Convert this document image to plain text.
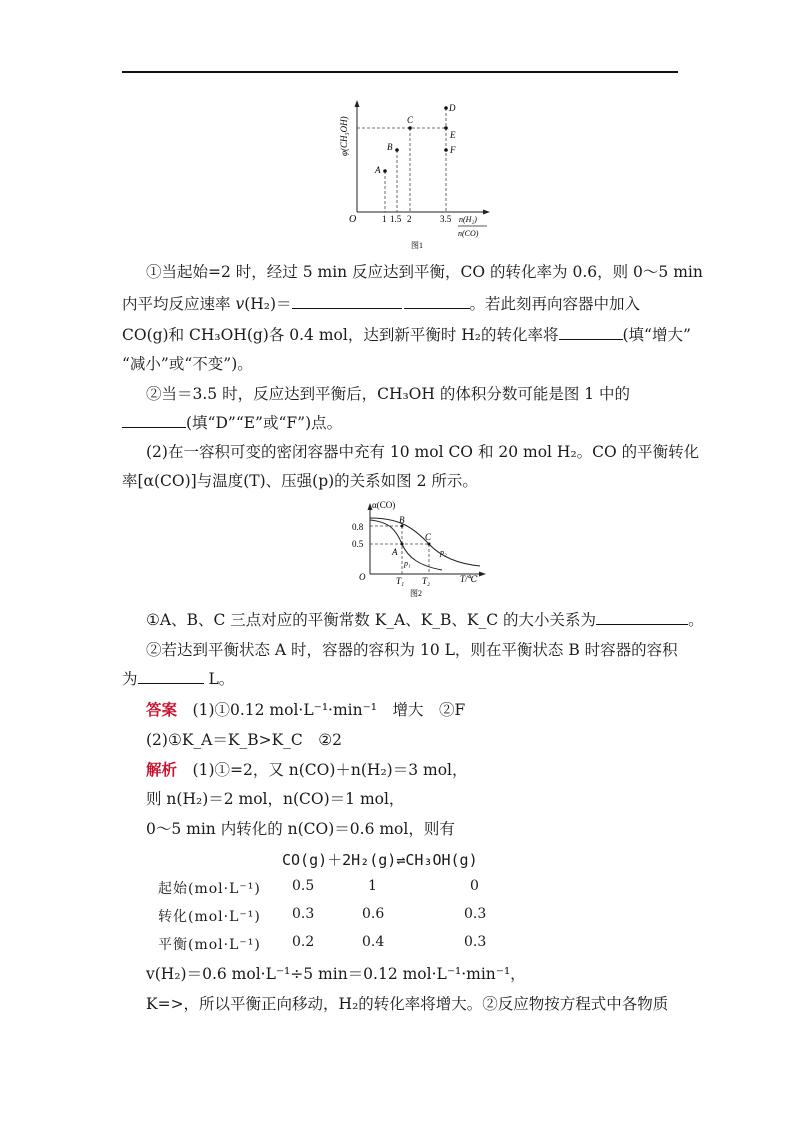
φ(CH₃OH)
O	1 1.5 2	3.5
A
B
C
D
E
F
n(H₂)
n(CO)
图1
①当起始=2 时，经过 5 min 反应达到平衡，CO 的转化率为 0.6，则 0～5 min
内平均反应速率 v(H₂)＝	。若此刻再向容器中加入
CO(g)和 CH₃OH(g)各 0.4 mol，达到新平衡时 H₂的转化率将	(填“增大”
“减小”或“不变”)。
②当＝3.5 时，反应达到平衡后，CH₃OH 的体积分数可能是图 1 中的
(填“D”“E”或“F”)点。
(2)在一容积可变的密闭容器中充有 10 mol CO 和 20 mol H₂。CO 的平衡转化
率[α(CO)]与温度(T)、压强(p)的关系如图 2 所示。
α(CO)
0.8
0.5
O
A
B
C
p₁
p₂
T₁ T₂	T/℃
图2
①A、B、C 三点对应的平衡常数 K_A、K_B、K_C 的大小关系为	。
②若达到平衡状态 A 时，容器的容积为 10 L，则在平衡状态 B 时容器的容积
为	L。
答案　 (1)①0.12 mol·L⁻¹·min⁻¹　增大　②F
(2)①K_A＝K_B>K_C　②2
解析　 (1)①=2，又 n(CO)＋n(H₂)＝3 mol，
则 n(H₂)＝2 mol，n(CO)＝1 mol，
0～5 min 内转化的 n(CO)＝0.6 mol，则有
CO(g)＋2H₂(g)⇌CH₃OH(g)
起始(mol·L⁻¹) 0.5	1	0
转化(mol·L⁻¹) 0.3	0.6	0.3
平衡(mol·L⁻¹) 0.2	0.4	0.3
v(H₂)＝0.6 mol·L⁻¹÷5 min＝0.12 mol·L⁻¹·min⁻¹，
K=>，所以平衡正向移动，H₂的转化率将增大。②反应物按方程式中各物质
